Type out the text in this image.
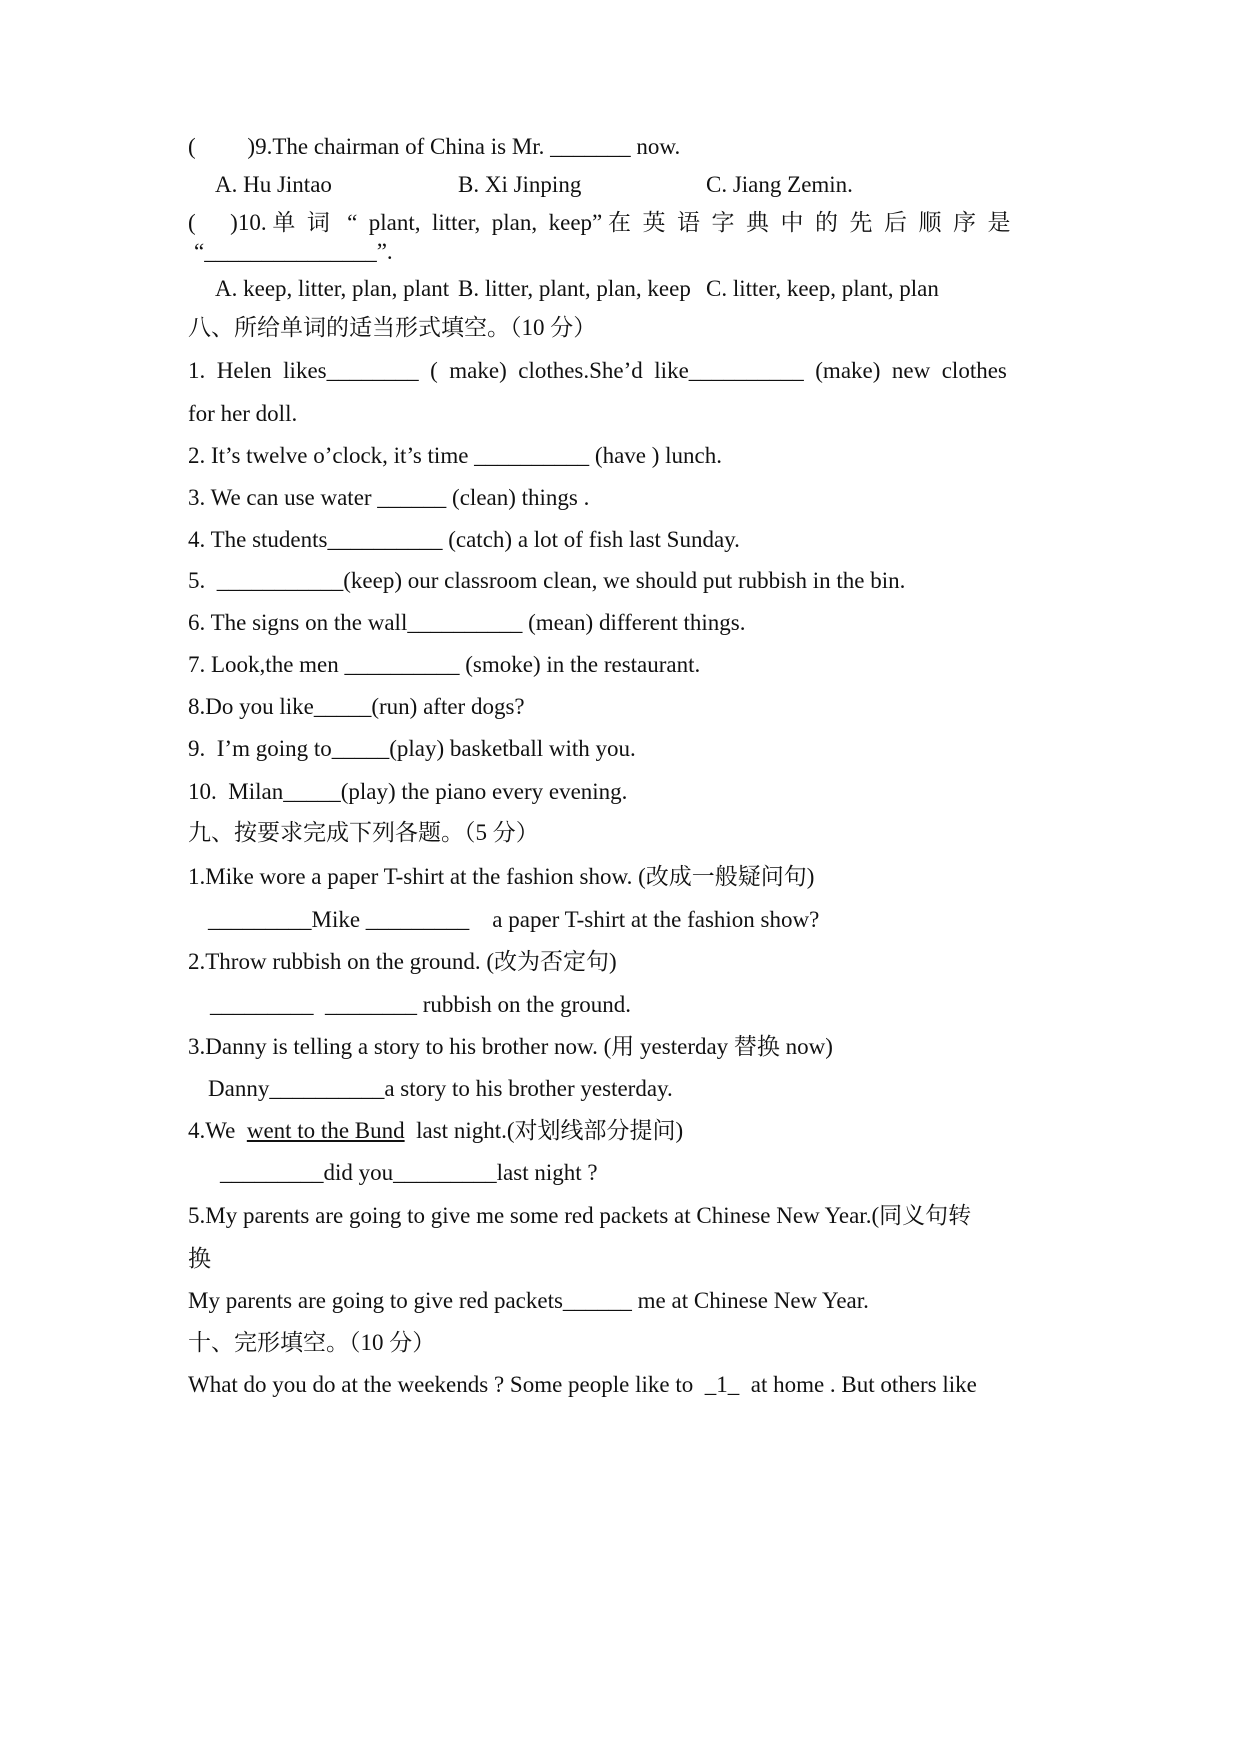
(         )9.The chairman of China is Mr. _______ now.
A. Hu Jintao	B. Xi Jinping	C. Jiang Zemin.
(      )10. 单  词   “  plant,  litter,  plan,  keep” 在  英  语  字  典  中  的  先  后  顺  序  是
“_______________”.
A. keep, litter, plan, plant B. litter, plant, plan, keep C. litter, keep, plant, plan
八、所给单词的适当形式填空。（10 分）
1.  Helen  likes________  (  make)  clothes.She’d  like__________  (make)  new  clothes
for her doll.
2. It’s twelve o’clock, it’s time __________ (have ) lunch.
3. We can use water ______ (clean) things .
4. The students__________ (catch) a lot of fish last Sunday.
5.  ___________(keep) our classroom clean, we should put rubbish in the bin.
6. The signs on the wall__________ (mean) different things.
7. Look,the men __________ (smoke) in the restaurant.
8.Do you like_____(run) after dogs?
9.  I’m going to_____(play) basketball with you.
10.  Milan_____(play) the piano every evening.
九、按要求完成下列各题。（5 分）
1.Mike wore a paper T-shirt at the fashion show. (改成一般疑问句)
_________Mike _________    a paper T-shirt at the fashion show?
2.Throw rubbish on the ground. (改为否定句)
_________  ________ rubbish on the ground.
3.Danny is telling a story to his brother now. (用 yesterday 替换 now)
Danny__________a story to his brother yesterday.
4.We  went to the Bund  last night.(对划线部分提问)
_________did you_________last night ?
5.My parents are going to give me some red packets at Chinese New Year.(同义句转
换
My parents are going to give red packets______ me at Chinese New Year.
十、完形填空。（10 分）
What do you do at the weekends ? Some people like to  _1_  at home . But others like
